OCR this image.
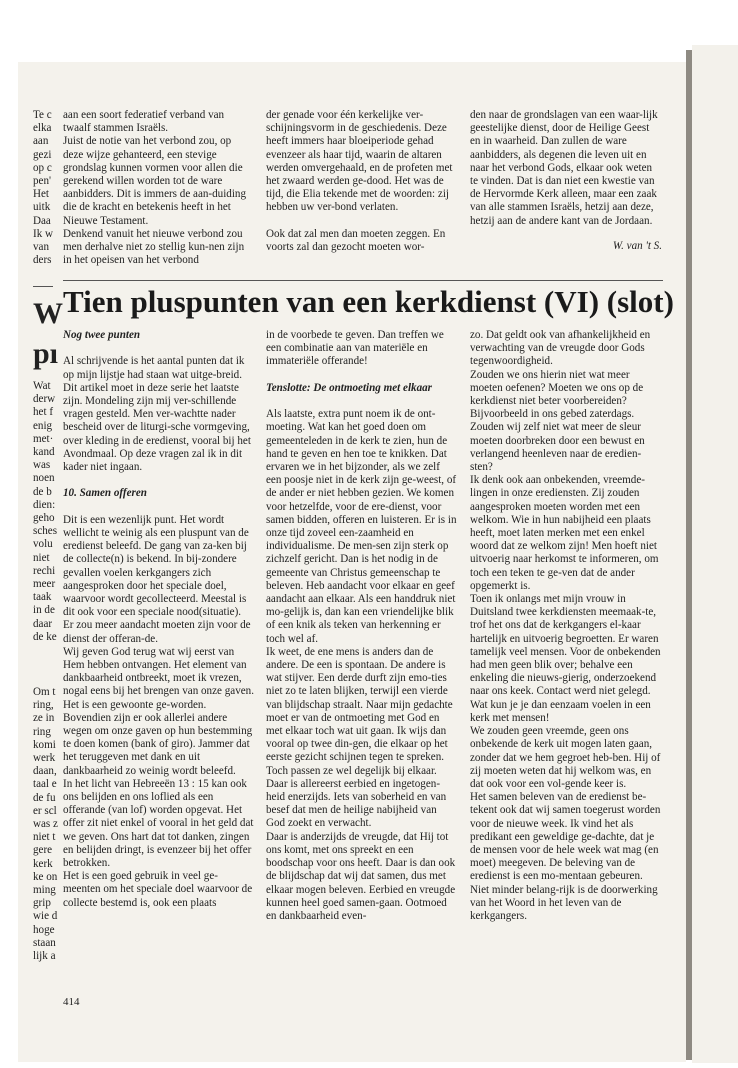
aan een soort federatief verband van twaalf stammen Israëls.

Juist de notie van het verbond zou, op deze wijze gehanteerd, een stevige grondslag kunnen vormen voor allen die gerekend willen worden tot de ware aanbidders. Dit is immers de aan-duiding die de kracht en betekenis heeft in het Nieuwe Testament.

Denkend vanuit het nieuwe verbond zou men derhalve niet zo stellig kun-nen zijn in het opeisen van het verbond

der genade voor één kerkelijke ver-schijningsvorm in de geschiedenis. Deze heeft immers haar bloeiperiode gehad evenzeer als haar tijd, waarin de altaren werden omvergehaald, en de profeten met het zwaard werden ge-dood. Het was de tijd, die Elia tekende met de woorden: zij hebben uw ver-bond verlaten.

Ook dat zal men dan moeten zeggen. En voorts zal dan gezocht moeten wor-

den naar de grondslagen van een waar-lijk geestelijke dienst, door de Heilige Geest en in waarheid. Dan zullen de ware aanbidders, als degenen die leven uit en naar het verbond Gods, elkaar ook weten te vinden. Dat is dan niet een kwestie van de Hervormde Kerk alleen, maar een zaak van alle stammen Israëls, hetzij aan deze, hetzij aan de andere kant van de Jordaan.

W. van 't S.

Tien pluspunten van een kerkdienst (VI) (slot)

Nog twee punten

Al schrijvende is het aantal punten dat ik op mijn lijstje had staan wat uitge-breid. Dit artikel moet in deze serie het laatste zijn. Mondeling zijn mij ver-schillende vragen gesteld. Men ver-wachtte nader bescheid over de liturgi-sche vormgeving, over kleding in de eredienst, vooral bij het Avondmaal. Op deze vragen zal ik in dit kader niet ingaan.

10. Samen offeren

Dit is een wezenlijk punt. Het wordt wellicht te weinig als een pluspunt van de eredienst beleefd. De gang van za-ken bij de collecte(n) is bekend. In bij-zondere gevallen voelen kerkgangers zich aangesproken door het speciale doel, waarvoor wordt gecollecteerd. Meestal is dit ook voor een speciale nood(situatie). Er zou meer aandacht moeten zijn voor de dienst der offeran-de.

Wij geven God terug wat wij eerst van Hem hebben ontvangen. Het element van dankbaarheid ontbreekt, moet ik vrezen, nogal eens bij het brengen van onze gaven. Het is een gewoonte ge-worden. Bovendien zijn er ook allerlei andere wegen om onze gaven op hun bestemming te doen komen (bank of giro). Jammer dat het teruggeven met dank en uit dankbaarheid zo weinig wordt beleefd.

In het licht van Hebreeën 13 : 15 kan ook ons belijden en ons loflied als een offerande (van lof) worden opgevat. Het offer zit niet enkel of vooral in het geld dat we geven. Ons hart dat tot danken, zingen en belijden dringt, is evenzeer bij het offer betrokken.

Het is een goed gebruik in veel ge-meenten om het speciale doel waarvoor de collecte bestemd is, ook een plaats

in de voorbede te geven. Dan treffen we een combinatie aan van materiële en immateriële offerande!

Tenslotte: De ontmoeting met elkaar

Als laatste, extra punt noem ik de ont-moeting. Wat kan het goed doen om gemeenteleden in de kerk te zien, hun de hand te geven en hen toe te knikken. Dat ervaren we in het bijzonder, als we zelf een poosje niet in de kerk zijn ge-weest, of de ander er niet hebben gezien. We komen voor hetzelfde, voor de ere-dienst, voor samen bidden, offeren en luisteren. Er is in onze tijd zoveel een-zaamheid en individualisme. De men-sen zijn sterk op zichzelf gericht. Dan is het nodig in de gemeente van Christus gemeenschap te beleven. Heb aandacht voor elkaar en geef aandacht aan elkaar. Als een handdruk niet mo-gelijk is, dan kan een vriendelijke blik of een knik als teken van herkenning er toch wel af.

Ik weet, de ene mens is anders dan de andere. De een is spontaan. De andere is wat stijver. Een derde durft zijn emo-ties niet zo te laten blijken, terwijl een vierde van blijdschap straalt. Naar mijn gedachte moet er van de ontmoeting met God en met elkaar toch wat uit gaan. Ik wijs dan vooral op twee din-gen, die elkaar op het eerste gezicht schijnen tegen te spreken. Toch passen ze wel degelijk bij elkaar.

Daar is allereerst eerbied en ingetogen-heid enerzijds. Iets van soberheid en van besef dat men de heilige nabijheid van God zoekt en verwacht.

Daar is anderzijds de vreugde, dat Hij tot ons komt, met ons spreekt en een boodschap voor ons heeft. Daar is dan ook de blijdschap dat wij dat samen, dus met elkaar mogen beleven. Eerbied en vreugde kunnen heel goed samen-gaan. Ootmoed en dankbaarheid even-

zo. Dat geldt ook van afhankelijkheid en verwachting van de vreugde door Gods tegenwoordigheid.

Zouden we ons hierin niet wat meer moeten oefenen? Moeten we ons op de kerkdienst niet beter voorbereiden? Bijvoorbeeld in ons gebed zaterdags. Zouden wij zelf niet wat meer de sleur moeten doorbreken door een bewust en verlangend heenleven naar de eredien-sten?

Ik denk ook aan onbekenden, vreemde-lingen in onze erediensten. Zij zouden aangesproken moeten worden met een welkom. Wie in hun nabijheid een plaats heeft, moet laten merken met een enkel woord dat ze welkom zijn! Men hoeft niet uitvoerig naar herkomst te informeren, om toch een teken te ge-ven dat de ander opgemerkt is.

Toen ik onlangs met mijn vrouw in Duitsland twee kerkdiensten meemaak-te, trof het ons dat de kerkgangers el-kaar hartelijk en uitvoerig begroetten. Er waren tamelijk veel mensen. Voor de onbekenden had men geen blik over; behalve een enkeling die nieuws-gierig, onderzoekend naar ons keek. Contact werd niet gelegd. Wat kun je je dan eenzaam voelen in een kerk met mensen!

We zouden geen vreemde, geen ons onbekende de kerk uit mogen laten gaan, zonder dat we hem gegroet heb-ben. Hij of zij moeten weten dat hij welkom was, en dat ook voor een vol-gende keer is.

Het samen beleven van de eredienst be-tekent ook dat wij samen toegerust worden voor de nieuwe week. Ik vind het als predikant een geweldige ge-dachte, dat je de mensen voor de hele week wat mag (en moet) meegeven. De beleving van de eredienst is een mo-mentaan gebeuren. Niet minder belang-rijk is de doorwerking van het Woord in het leven van de kerkgangers.

414
Te c
elka
aan
gezi
op c
pen'
Het
uitk
Daa
Ik w
van
ders
W
pı
Wat
derw
het f
enig
met·
kand
was
noen
de b
dien:
geho
sches
volu
niet
rechi
meer
taak
in de
daar
de ke
Om t
ring,
ze in
ring
komi
werk
daan,
taal e
de fu
er scl
was z
niet t
gere
kerk
ke on
ming
grip
wie d
hoge
staan
lijk a
